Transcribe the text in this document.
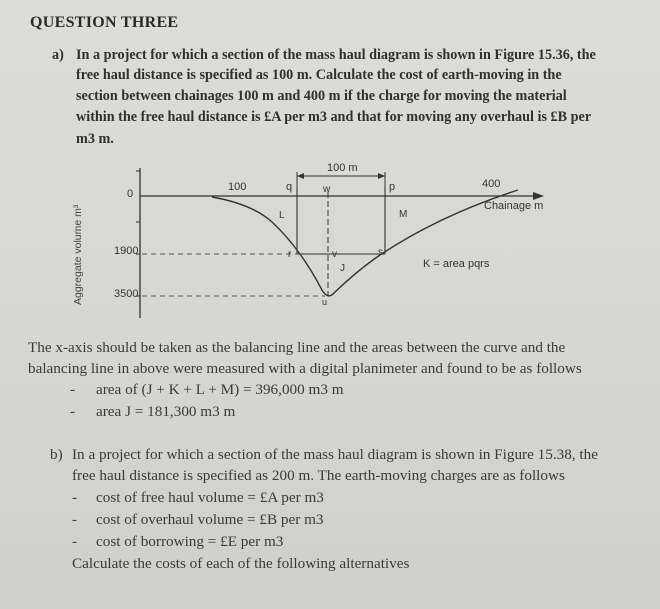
QUESTION THREE
a) In a project for which a section of the mass haul diagram is shown in Figure 15.36, the
free haul distance is specified as 100 m. Calculate the cost of earth-moving in the
section between chainages 100 m and 400 m if the charge for moving the material
within the free haul distance is £A per m3 and that for moving any overhaul is £B per
m3 m.
Aggregate volume m³
0
1900
3500
100	400
Chainage m
100 m
q	w	p
r	v	s
u
L	M
J	K = area pqrs
The x-axis should be taken as the balancing line and the areas between the curve and the
balancing line in above were measured with a digital planimeter and found to be as follows
- area of (J + K + L + M) = 396,000 m3 m
- area J = 181,300 m3 m
b) In a project for which a section of the mass haul diagram is shown in Figure 15.38, the
free haul distance is specified as 200 m. The earth-moving charges are as follows
- cost of free haul volume = £A per m3
- cost of overhaul volume = £B per m3
- cost of borrowing = £E per m3
Calculate the costs of each of the following alternatives
